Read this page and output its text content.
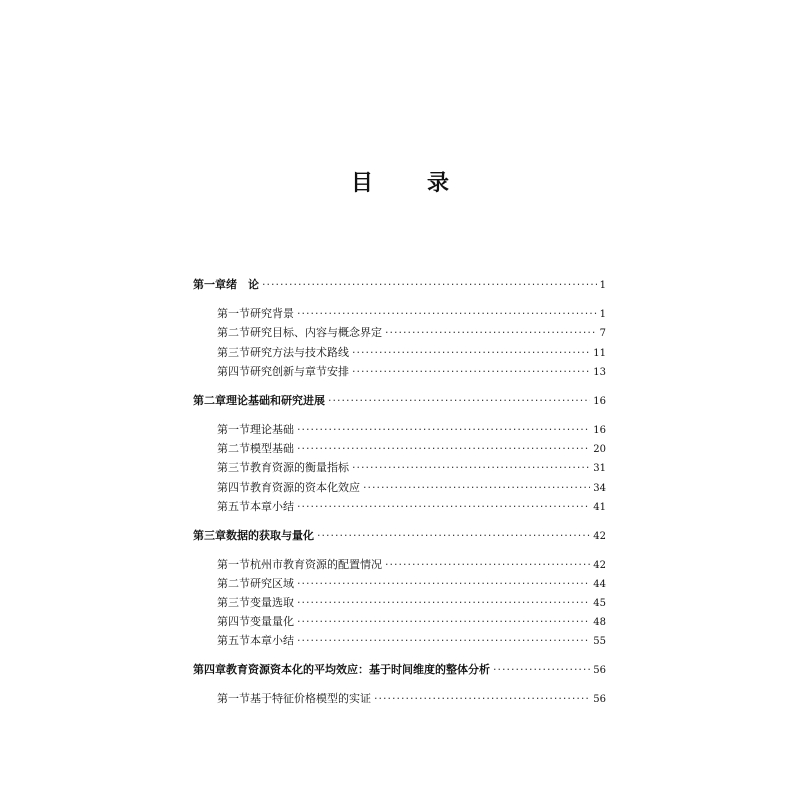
目　录
第一章 绪　论 ·····	1
第一节 研究背景 ·····	1
第二节 研究目标、内容与概念界定 ·····	7
第三节 研究方法与技术路线 ·····	11
第四节 研究创新与章节安排 ·····	13
第二章 理论基础和研究进展 ·····	16
第一节 理论基础 ·····	16
第二节 模型基础 ·····	20
第三节 教育资源的衡量指标 ·····	31
第四节 教育资源的资本化效应 ·····	34
第五节 本章小结 ·····	41
第三章 数据的获取与量化 ·····	42
第一节 杭州市教育资源的配置情况 ·····	42
第二节 研究区域 ·····	44
第三节 变量选取 ·····	45
第四节 变量量化 ·····	48
第五节 本章小结 ·····	55
第四章 教育资源资本化的平均效应：基于时间维度的整体分析 ·····	56
第一节 基于特征价格模型的实证 ·····	56
